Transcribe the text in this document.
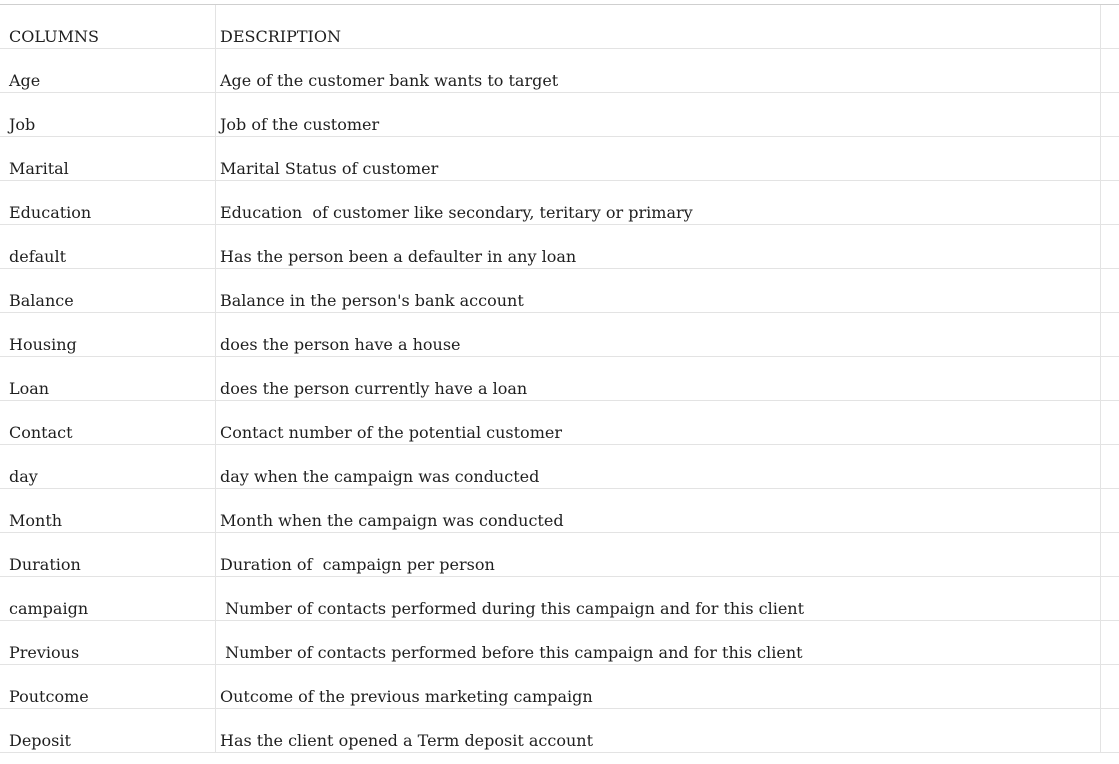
COLUMNS	DESCRIPTION
Age	Age of the customer bank wants to target
Job	Job of the customer
Marital	Marital Status of customer
Education	Education  of customer like secondary, teritary or primary
default	Has the person been a defaulter in any loan
Balance	Balance in the person's bank account
Housing	does the person have a house
Loan	does the person currently have a loan
Contact	Contact number of the potential customer
day	day when the campaign was conducted
Month	Month when the campaign was conducted
Duration	Duration of  campaign per person
campaign	Number of contacts performed during this campaign and for this client
Previous	Number of contacts performed before this campaign and for this client
Poutcome	Outcome of the previous marketing campaign
Deposit	Has the client opened a Term deposit account
